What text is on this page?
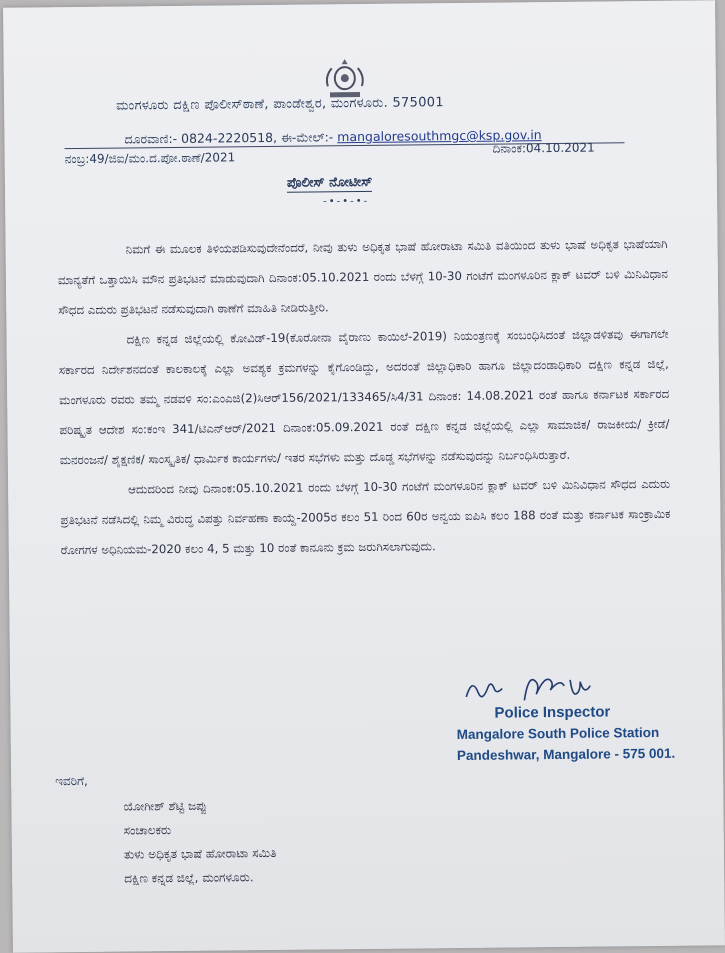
ಮಂಗಳೂರು ದಕ್ಷಿಣ ಪೊಲೀಸ್‌ಠಾಣೆ, ಪಾಂಡೇಶ್ವರ, ಮಂಗಳೂರು. 575001
ದೂರವಾಣಿ:- 0824-2220518, ಈ-ಮೇಲ್:- mangaloresouthmgc@ksp.gov.in
ನಂಬ್ರ:49/ಜಿಐ/ಮಂ.ದ.ಪೋ.ಠಾಣೆ/2021
ದಿನಾಂಕ:04.10.2021
ಪೊಲೀಸ್ ನೋಟೀಸ್
-•-•-•-

ನಿಮಗೆ ಈ ಮೂಲಕ ತಿಳಿಯಪಡಿಸುವುದೇನೆಂದರೆ, ನೀವು ತುಳು ಅಧಿಕೃತ ಭಾಷೆ ಹೋರಾಟಾ ಸಮಿತಿ ವತಿಯಿಂದ ತುಳು ಭಾಷೆ ಅಧಿಕೃತ ಭಾಷೆಯಾಗಿ ಮಾನ್ಯತೆಗೆ ಒತ್ತಾಯಿಸಿ ಮೌನ ಪ್ರತಿಭಟನೆ ಮಾಡುವುದಾಗಿ ದಿನಾಂಕ:05.10.2021 ರಂದು ಬೆಳಗ್ಗೆ 10-30 ಗಂಟೆಗೆ ಮಂಗಳೂರಿನ ಕ್ಲಾಕ್ ಟವರ್ ಬಳಿ ಮಿನಿವಿಧಾನ ಸೌಧದ ಎದುರು ಪ್ರತಿಭಟನೆ ನಡೆಸುವುದಾಗಿ ಠಾಣೆಗೆ ಮಾಹಿತಿ ನೀಡಿರುತ್ತೀರಿ.

ದಕ್ಷಿಣ ಕನ್ನಡ ಜಿಲ್ಲೆಯಲ್ಲಿ ಕೋವಿಡ್-19(ಕೊರೋನಾ ವೈರಾಣು ಕಾಯಿಲೆ-2019) ನಿಯಂತ್ರಣಕ್ಕೆ ಸಂಬಂಧಿಸಿದಂತೆ ಜಿಲ್ಲಾಡಳಿತವು ಈಗಾಗಲೇ ಸರ್ಕಾರದ ನಿರ್ದೇಶನದಂತೆ ಕಾಲಕಾಲಕ್ಕೆ ಎಲ್ಲಾ ಅವಶ್ಯಕ ಕ್ರಮಗಳನ್ನು ಕೈಗೊಂಡಿದ್ದು, ಅದರಂತೆ ಜಿಲ್ಲಾಧಿಕಾರಿ ಹಾಗೂ ಜಿಲ್ಲಾದಂಡಾಧಿಕಾರಿ ದಕ್ಷಿಣ ಕನ್ನಡ ಜಿಲ್ಲೆ, ಮಂಗಳೂರು ರವರು ತಮ್ಮ ನಡವಳಿ ಸಂ:ಎಂಎಜಿ(2)ಸಿಆರ್156/2021/133465/ಸಿ4/31 ದಿನಾಂಕ: 14.08.2021 ರಂತೆ ಹಾಗೂ ಕರ್ನಾಟಕ ಸರ್ಕಾರದ ಪರಿಷ್ಕೃತ ಆದೇಶ ಸಂ:ಕಂಇ 341/ಟಿಎನ್ಆರ್/2021 ದಿನಾಂಕ:05.09.2021 ರಂತೆ ದಕ್ಷಿಣ ಕನ್ನಡ ಜಿಲ್ಲೆಯಲ್ಲಿ ಎಲ್ಲಾ ಸಾಮಾಜಿಕ/ ರಾಜಕೀಯ/ ಕ್ರೀಡೆ/ ಮನರಂಜನೆ/ ಶೈಕ್ಷಣಿಕ/ ಸಾಂಸ್ಕೃತಿಕ/ ಧಾರ್ಮಿಕ ಕಾರ್ಯಗಳು/ ಇತರ ಸಭೆಗಳು ಮತ್ತು ದೊಡ್ಡ ಸಭೆಗಳನ್ನು ನಡೆಸುವುದನ್ನು ನಿರ್ಬಂಧಿಸಿರುತ್ತಾರೆ.

ಆದುದರಿಂದ ನೀವು ದಿನಾಂಕ:05.10.2021 ರಂದು ಬೆಳಗ್ಗೆ 10-30 ಗಂಟೆಗೆ ಮಂಗಳೂರಿನ ಕ್ಲಾಕ್ ಟವರ್ ಬಳಿ ಮಿನಿವಿಧಾನ ಸೌಧದ ಎದುರು ಪ್ರತಿಭಟನೆ ನಡೆಸಿದಲ್ಲಿ ನಿಮ್ಮ ವಿರುದ್ಧ ವಿಪತ್ತು ನಿರ್ವಹಣಾ ಕಾಯ್ದೆ-2005ರ ಕಲಂ 51 ರಿಂದ 60ರ ಅನ್ವಯ ಐಪಿಸಿ ಕಲಂ 188 ರಂತೆ ಮತ್ತು ಕರ್ನಾಟಕ ಸಾಂಕ್ರಾಮಿಕ ರೋಗಗಳ ಅಧಿನಿಯಮ-2020 ಕಲಂ 4, 5 ಮತ್ತು 10 ರಂತೆ ಕಾನೂನು ಕ್ರಮ ಜರುಗಿಸಲಾಗುವುದು.

Police Inspector
Mangalore South Police Station
Pandeshwar, Mangalore - 575 001.
ಇವರಿಗೆ,
ಯೋಗೀಶ್ ಶೆಟ್ಟಿ ಜಪ್ಪು
ಸಂಚಾಲಕರು
ತುಳು ಅಧಿಕೃತ ಭಾಷೆ ಹೋರಾಟಾ ಸಮಿತಿ
ದಕ್ಷಿಣ ಕನ್ನಡ ಜಿಲ್ಲೆ, ಮಂಗಳೂರು.
